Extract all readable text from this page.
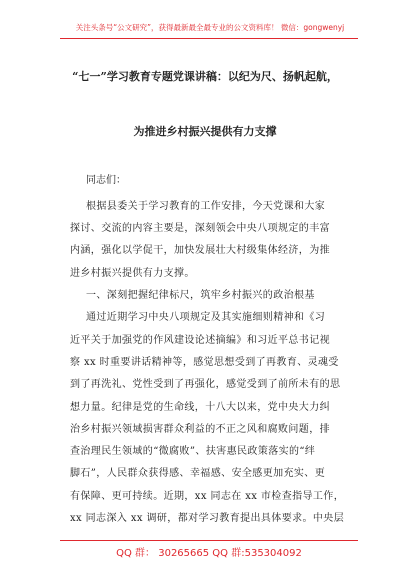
关注头条号“公文研究”，获得最新最全最专业的公文资料库！ 微信：gongwenyj
“七一”学习教育专题党课讲稿：以纪为尺、扬帆起航，
为推进乡村振兴提供有力支撑
同志们：
根据县委关于学习教育的工作安排，今天党课和大家
探讨、交流的内容主要是，深刻领会中央八项规定的丰富
内涵，强化以学促干，加快发展壮大村级集体经济，为推
进乡村振兴提供有力支撑。
一、深刻把握纪律标尺，筑牢乡村振兴的政治根基
通过近期学习中央八项规定及其实施细则精神和《习
近平关于加强党的作风建设论述摘编》和习近平总书记视
察 xx 时重要讲话精神等，感觉思想受到了再教育、灵魂受
到了再洗礼、党性受到了再强化，感觉受到了前所未有的思
想力量。纪律是党的生命线，十八大以来，党中央大力纠
治乡村振兴领域损害群众利益的不正之风和腐败问题，排
查治理民生领域的“微腐败”、扶害惠民政策落实的“绊
脚石”，人民群众获得感、幸福感、安全感更加充实、更
有保障、更可持续。近期，xx 同志在 xx 市检查指导工作，
xx 同志深入 xx 调研，都对学习教育提出具体要求。中央层
QQ 群： 30265665 QQ 群:535304092
